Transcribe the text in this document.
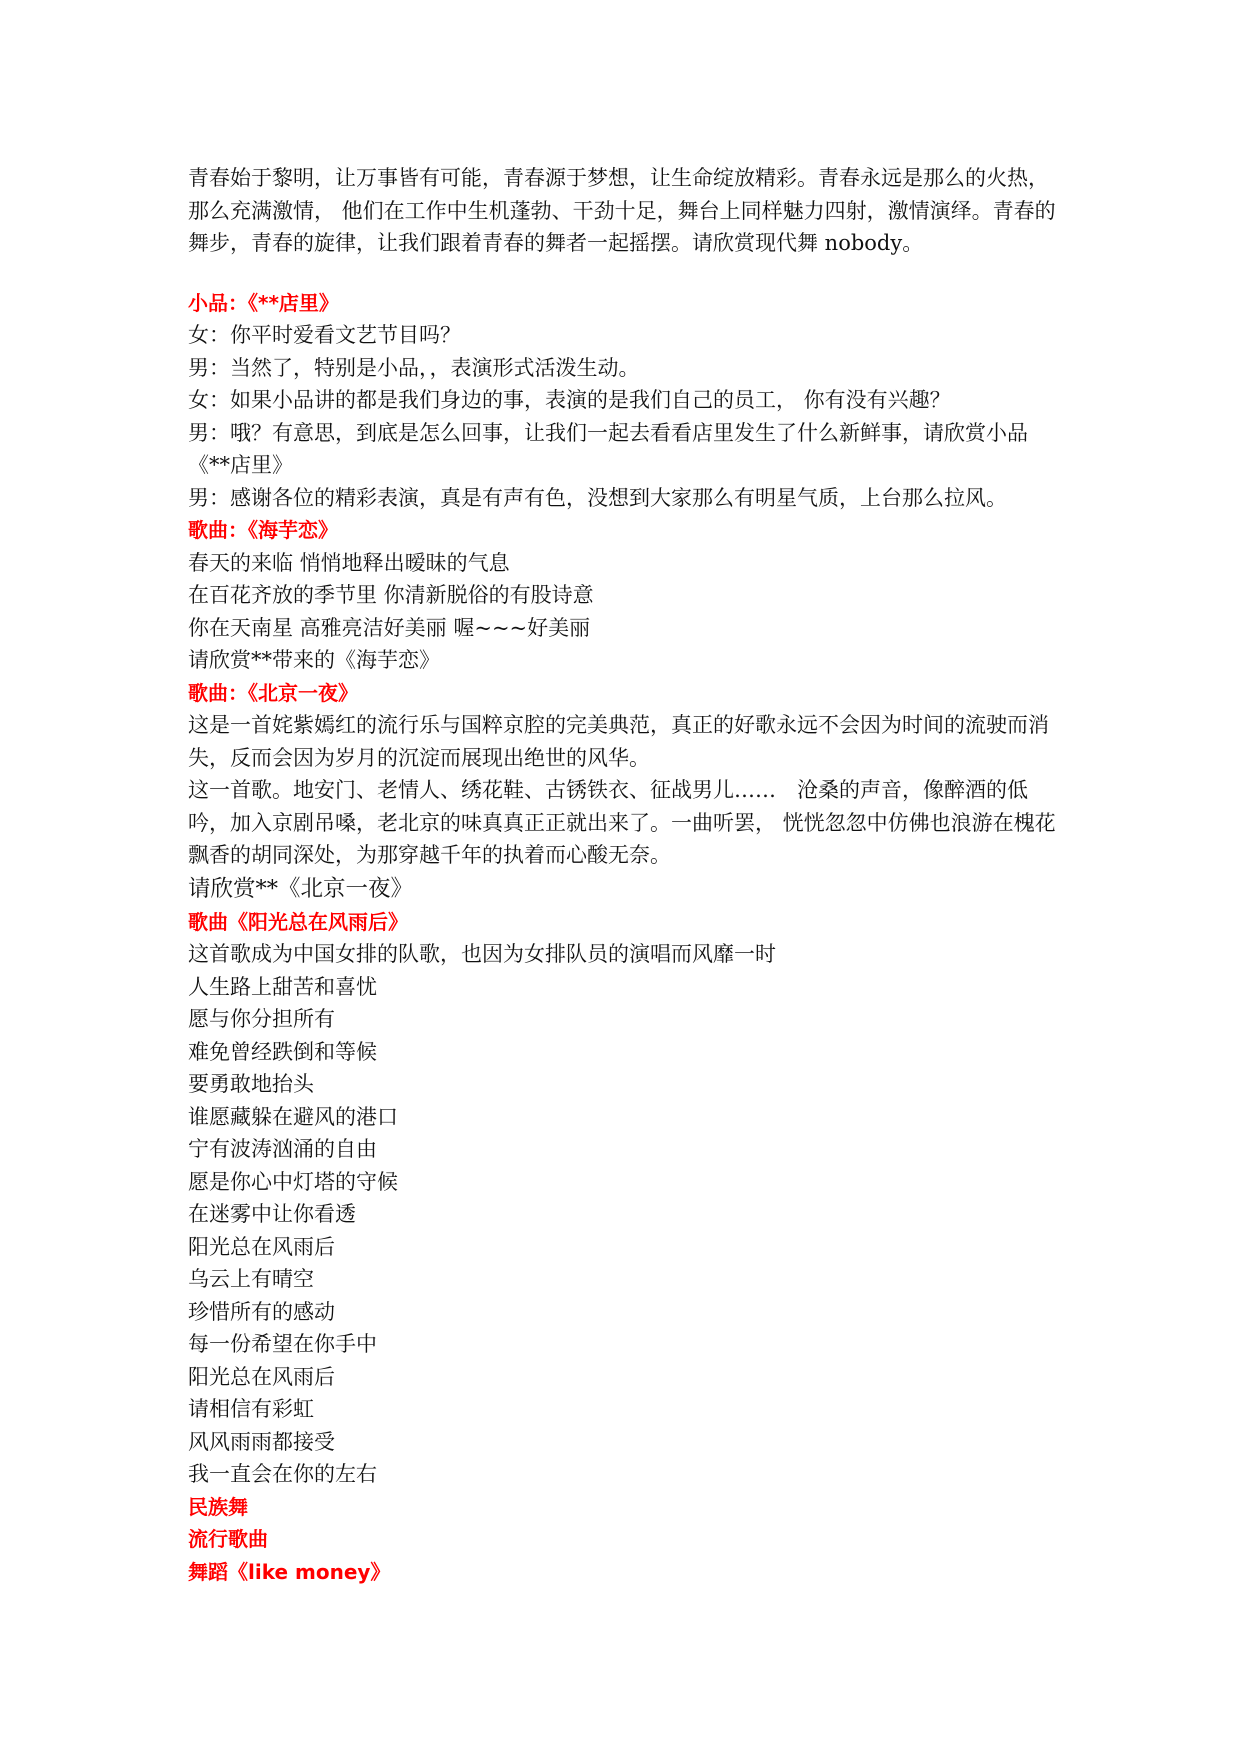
青春始于黎明，让万事皆有可能，青春源于梦想，让生命绽放精彩。青春永远是那么的火热，那么充满激情， 他们在工作中生机蓬勃、干劲十足，舞台上同样魅力四射，激情演绎。青春的舞步，青春的旋律，让我们跟着青春的舞者一起摇摆。请欣赏现代舞 nobody。

小品：《**店里》

女：你平时爱看文艺节目吗？

男：当然了，特别是小品，，表演形式活泼生动。

女：如果小品讲的都是我们身边的事，表演的是我们自己的员工， 你有没有兴趣？

男：哦？有意思，到底是怎么回事，让我们一起去看看店里发生了什么新鲜事，请欣赏小品《**店里》

男：感谢各位的精彩表演，真是有声有色，没想到大家那么有明星气质，上台那么拉风。

歌曲：《海芋恋》

春天的来临 悄悄地释出暧昧的气息

在百花齐放的季节里 你清新脱俗的有股诗意

你在天南星 高雅亮洁好美丽 喔~~~好美丽

请欣赏**带来的《海芋恋》

歌曲：《北京一夜》

这是一首姹紫嫣红的流行乐与国粹京腔的完美典范，真正的好歌永远不会因为时间的流驶而消失，反而会因为岁月的沉淀而展现出绝世的风华。

这一首歌。地安门、老情人、绣花鞋、古锈铁衣、征战男儿……　沧桑的声音，像醉酒的低吟，加入京剧吊嗓，老北京的味真真正正就出来了。一曲听罢， 恍恍忽忽中仿佛也浪游在槐花飘香的胡同深处，为那穿越千年的执着而心酸无奈。

请欣赏**《北京一夜》

歌曲《阳光总在风雨后》

这首歌成为中国女排的队歌，也因为女排队员的演唱而风靡一时

人生路上甜苦和喜忧

愿与你分担所有

难免曾经跌倒和等候

要勇敢地抬头

谁愿藏躲在避风的港口

宁有波涛汹涌的自由

愿是你心中灯塔的守候

在迷雾中让你看透

阳光总在风雨后

乌云上有晴空

珍惜所有的感动

每一份希望在你手中

阳光总在风雨后

请相信有彩虹

风风雨雨都接受

我一直会在你的左右

民族舞

流行歌曲

舞蹈《like money》
